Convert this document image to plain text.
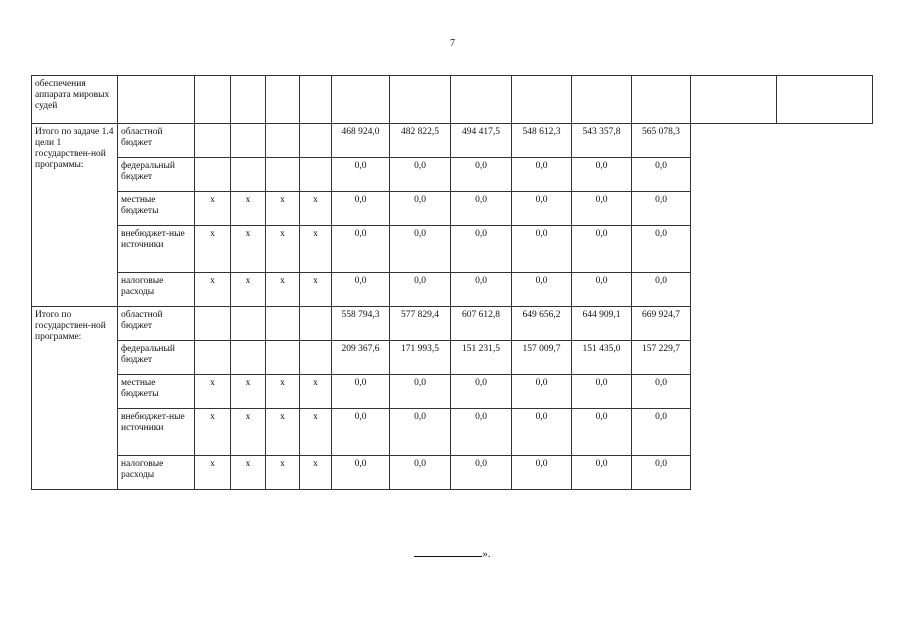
7
обеспечения аппарата мировых судей													
Итого по задаче 1.4 цели 1 государствен-ной программы:	областной бюджет					468 924,0	482 822,5	494 417,5	548 612,3	543 357,8	565 078,3		
	федеральный бюджет					0,0	0,0	0,0	0,0	0,0	0,0		
	местные бюджеты	х	х	х	х	0,0	0,0	0,0	0,0	0,0	0,0		
	внебюджет-ные источники	х	х	х	х	0,0	0,0	0,0	0,0	0,0	0,0		
	налоговые расходы	х	х	х	х	0,0	0,0	0,0	0,0	0,0	0,0		
Итого по государствен-ной программе:	областной бюджет					558 794,3	577 829,4	607 612,8	649 656,2	644 909,1	669 924,7		
	федеральный бюджет					209 367,6	171 993,5	151 231,5	157 009,7	151 435,0	157 229,7		
	местные бюджеты	х	х	х	х	0,0	0,0	0,0	0,0	0,0	0,0		
	внебюджет-ные источники	х	х	х	х	0,0	0,0	0,0	0,0	0,0	0,0		
	налоговые расходы	х	х	х	х	0,0	0,0	0,0	0,0	0,0	0,0		
».
